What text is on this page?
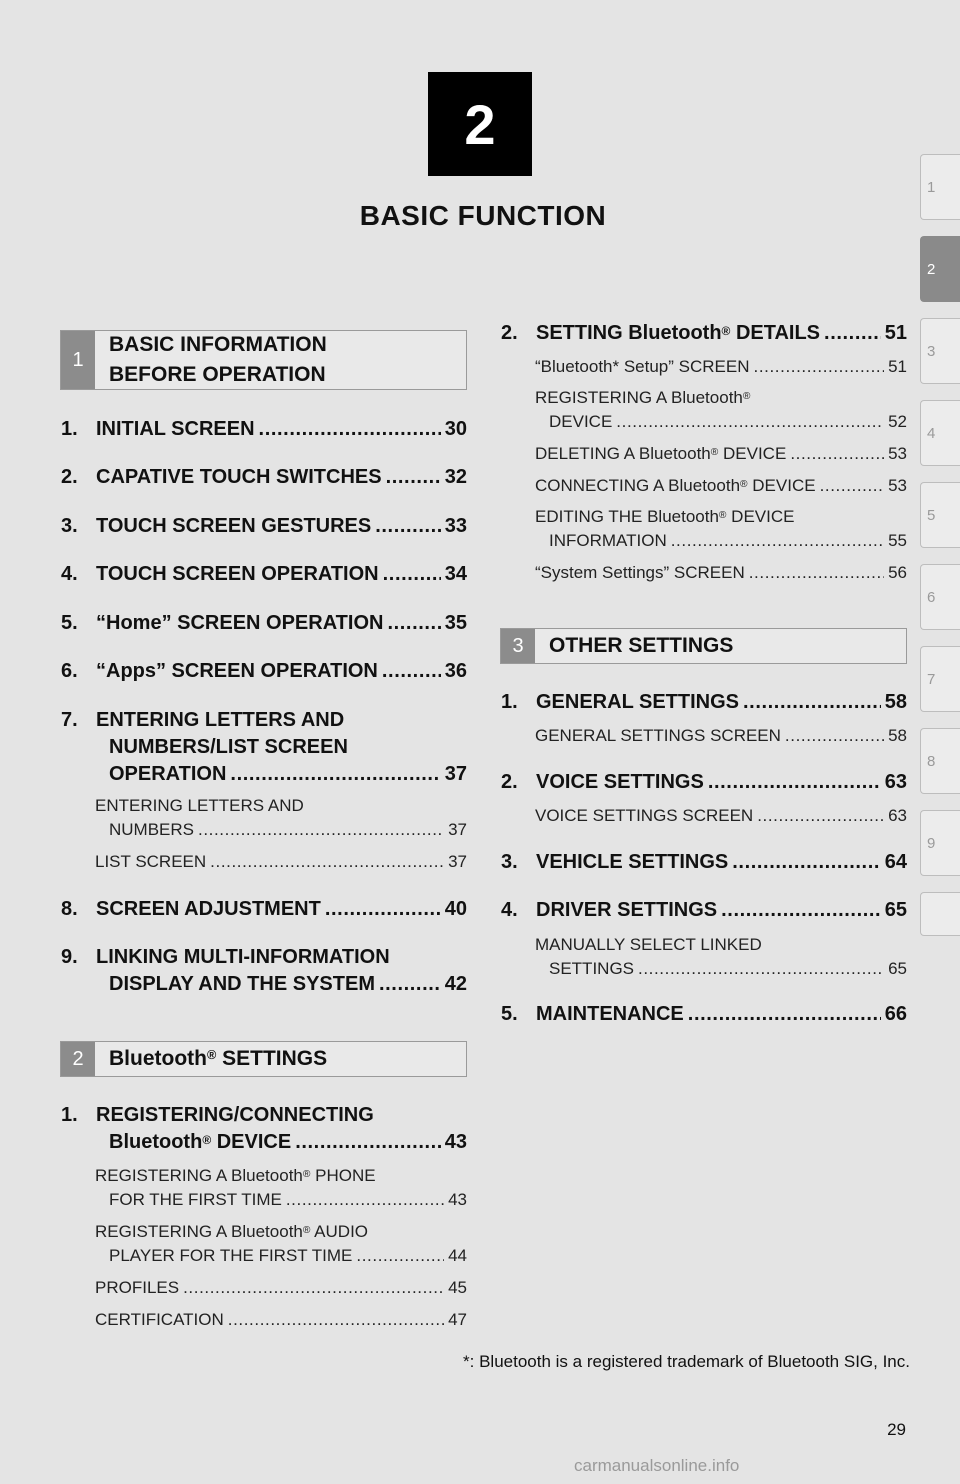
2
BASIC FUNCTION
1
2
3
4
5
6
7
8
9
1
BASIC INFORMATION
BEFORE OPERATION
1. INITIAL SCREEN .....	30
2. CAPATIVE TOUCH SWITCHES .....	32
3. TOUCH SCREEN GESTURES .....	33
4. TOUCH SCREEN OPERATION .....	34
5. “Home” SCREEN OPERATION .....	35
6. “Apps” SCREEN OPERATION .....	36
7. ENTERING LETTERS AND
NUMBERS/LIST SCREEN
OPERATION .....	37
ENTERING LETTERS AND
NUMBERS .....	37
LIST SCREEN .....	37
8. SCREEN ADJUSTMENT .....	40
9. LINKING MULTI-INFORMATION
DISPLAY AND THE SYSTEM .....	42
2	Bluetooth® SETTINGS
1. REGISTERING/CONNECTING
Bluetooth® DEVICE .....	43
REGISTERING A Bluetooth® PHONE
FOR THE FIRST TIME .....	43
REGISTERING A Bluetooth® AUDIO
PLAYER FOR THE FIRST TIME .....	44
PROFILES .....	45
CERTIFICATION .....	47
2. SETTING Bluetooth® DETAILS .....	51
“Bluetooth* Setup” SCREEN .....	51
REGISTERING A Bluetooth®
DEVICE .....	52
DELETING A Bluetooth® DEVICE .....	53
CONNECTING A Bluetooth® DEVICE .....	53
EDITING THE Bluetooth® DEVICE
INFORMATION .....	55
“System Settings” SCREEN .....	56
3	OTHER SETTINGS
1. GENERAL SETTINGS .....	58
GENERAL SETTINGS SCREEN .....	58
2. VOICE SETTINGS .....	63
VOICE SETTINGS SCREEN .....	63
3. VEHICLE SETTINGS .....	64
4. DRIVER SETTINGS .....	65
MANUALLY SELECT LINKED
SETTINGS .....	65
5. MAINTENANCE .....	66
*: Bluetooth is a registered trademark of Bluetooth SIG, Inc.
29
carmanualsonline.info
